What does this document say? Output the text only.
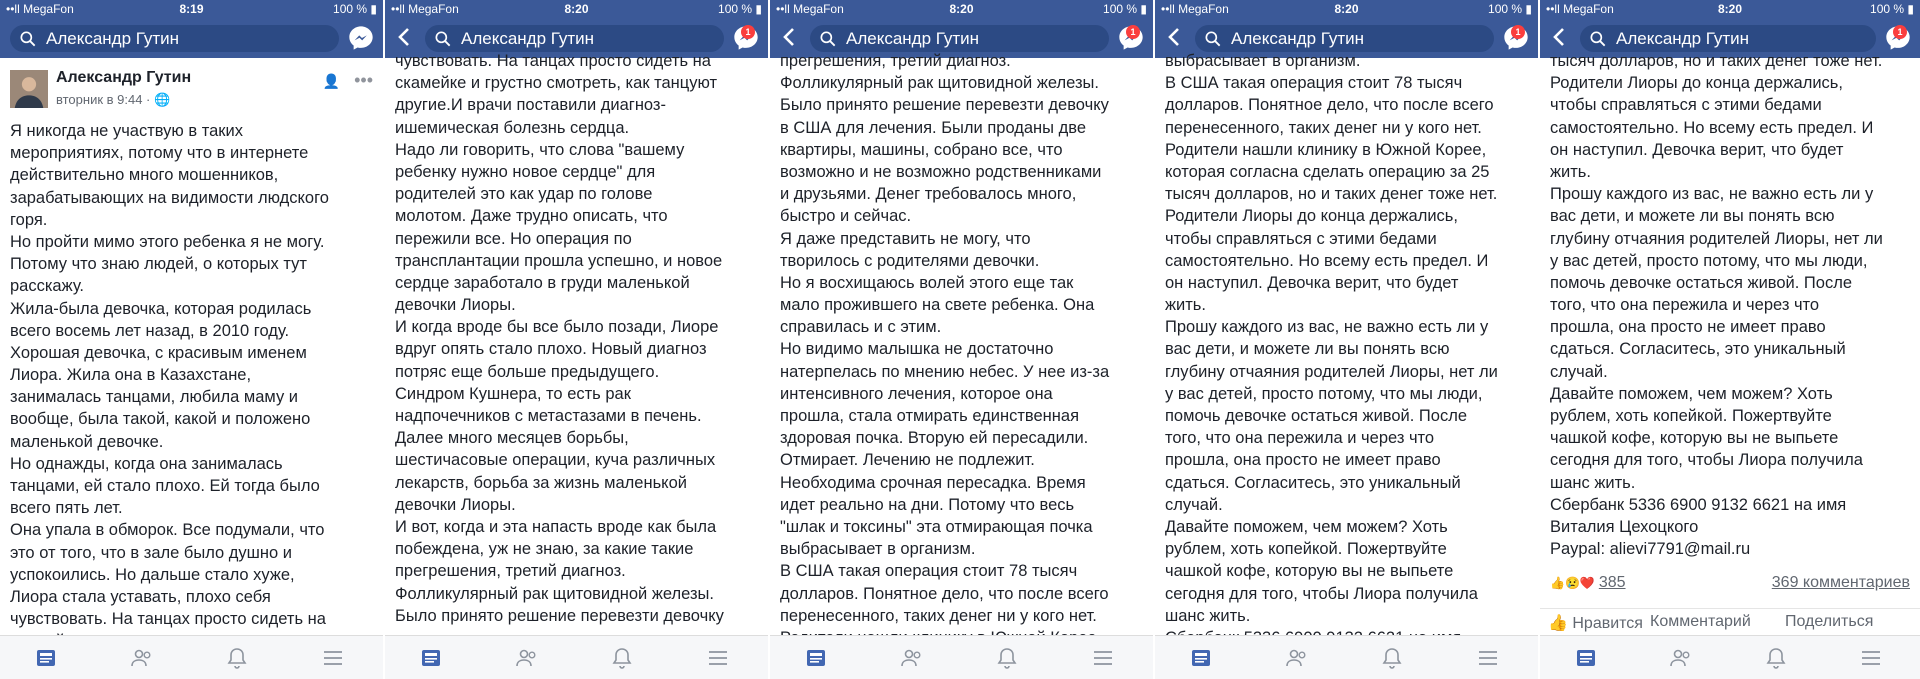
••ll MegaFon	8:19	100 % ▮
Александр Гутин
Александр Гутин
вторник в 9:44 · 🌐
👤 •••
Я никогда не участвую в таких
мероприятиях, потому что в интернете
действительно много мошенников,
зарабатывающих на видимости людского
горя.
Но пройти мимо этого ребенка я не могу.
Потому что знаю людей, о которых тут
расскажу.
Жила-была девочка, которая родилась
всего восемь лет назад, в 2010 году.
Хорошая девочка, с красивым именем
Лиора. Жила она в Казахстане,
занималась танцами, любила маму и
вообще, была такой, какой и положено
маленькой девочке.
Но однажды, когда она занималась
танцами, ей стало плохо. Ей тогда было
всего пять лет.
Она упала в обморок. Все подумали, что
это от того, что в зале было душно и
успокоились. Но дальше стало хуже,
Лиора стала уставать, плохо себя
чувствовать. На танцах просто сидеть на
••ll MegaFon	8:20	100 % ▮
Александр Гутин	1
чувствовать. На танцах просто сидеть на
скамейке и грустно смотреть, как танцуют
другие.И врачи поставили диагноз-
ишемическая болезнь сердца.
Надо ли говорить, что слова "вашему
ребенку нужно новое сердце" для
родителей это как удар по голове
молотом. Даже трудно описать, что
пережили все. Но операция по
трансплантации прошла успешно, и новое
сердце заработало в груди маленькой
девочки Лиоры.
И когда вроде бы все было позади, Лиоре
вдруг опять стало плохо. Новый диагноз
потряс еще больше предыдущего.
Синдром Кушнера, то есть рак
надпочечников с метастазами в печень.
Далее много месяцев борьбы,
шестичасовые операции, куча различных
лекарств, борьба за жизнь маленькой
девочки Лиоры.
И вот, когда и эта напасть вроде как была
побеждена, уж не знаю, за какие такие
прегрешения, третий диагноз.
Фолликулярный рак щитовидной железы.
Было принято решение перевезти девочку
••ll MegaFon	8:20	100 % ▮
Александр Гутин	1
прегрешения, третий диагноз.
Фолликулярный рак щитовидной железы.
Было принято решение перевезти девочку
в США для лечения. Были проданы две
квартиры, машины, собрано все, что
возможно и не возможно родственниками
и друзьями. Денег требовалось много,
быстро и сейчас.
Я даже представить не могу, что
творилось с родителями девочки.
Но я восхищаюсь волей этого еще так
мало прожившего на свете ребенка. Она
справилась и с этим.
Но видимо малышка не достаточно
натерпелась по мнению небес. У нее из-за
интенсивного лечения, которое она
прошла, стала отмирать единственная
здоровая почка. Вторую ей пересадили.
Отмирает. Лечению не подлежит.
Необходима срочная пересадка. Время
идет реально на дни. Потому что весь
"шлак и токсины" эта отмирающая почка
выбрасывает в организм.
В США такая операция стоит 78 тысяч
долларов. Понятное дело, что после всего
перенесенного, таких денег ни у кого нет.
••ll MegaFon	8:20	100 % ▮
Александр Гутин	1
выбрасывает в организм.
В США такая операция стоит 78 тысяч
долларов. Понятное дело, что после всего
перенесенного, таких денег ни у кого нет.
Родители нашли клинику в Южной Корее,
которая согласна сделать операцию за 25
тысяч долларов, но и таких денег тоже нет.
Родители Лиоры до конца держались,
чтобы справляться с этими бедами
самостоятельно. Но всему есть предел. И
он наступил. Девочка верит, что будет
жить.
Прошу каждого из вас, не важно есть ли у
вас дети, и можете ли вы понять всю
глубину отчаяния родителей Лиоры, нет ли
у вас детей, просто потому, что мы люди,
помочь девочке остаться живой. После
того, что она пережила и через что
прошла, она просто не имеет право
сдаться. Согласитесь, это уникальный
случай.
Давайте поможем, чем можем? Хоть
рублем, хоть копейкой. Пожертвуйте
чашкой кофе, которую вы не выпьете
сегодня для того, чтобы Лиора получила
шанс жить.
••ll MegaFon	8:20	100 % ▮
Александр Гутин	1
тысяч долларов, но и таких денег тоже нет.
Родители Лиоры до конца держались,
чтобы справляться с этими бедами
самостоятельно. Но всему есть предел. И
он наступил. Девочка верит, что будет
жить.
Прошу каждого из вас, не важно есть ли у
вас дети, и можете ли вы понять всю
глубину отчаяния родителей Лиоры, нет ли
у вас детей, просто потому, что мы люди,
помочь девочке остаться живой. После
того, что она пережила и через что
прошла, она просто не имеет право
сдаться. Согласитесь, это уникальный
случай.
Давайте поможем, чем можем? Хоть
рублем, хоть копейкой. Пожертвуйте
чашкой кофе, которую вы не выпьете
сегодня для того, чтобы Лиора получила
шанс жить.
Сбербанк 5336 6900 9132 6621 на имя
Виталия Цехоцкого
Paypal: alievi7791@mail.ru
👍😢❤️ 385	369 комментариев
👍 Нравится Комментарий Поделиться
